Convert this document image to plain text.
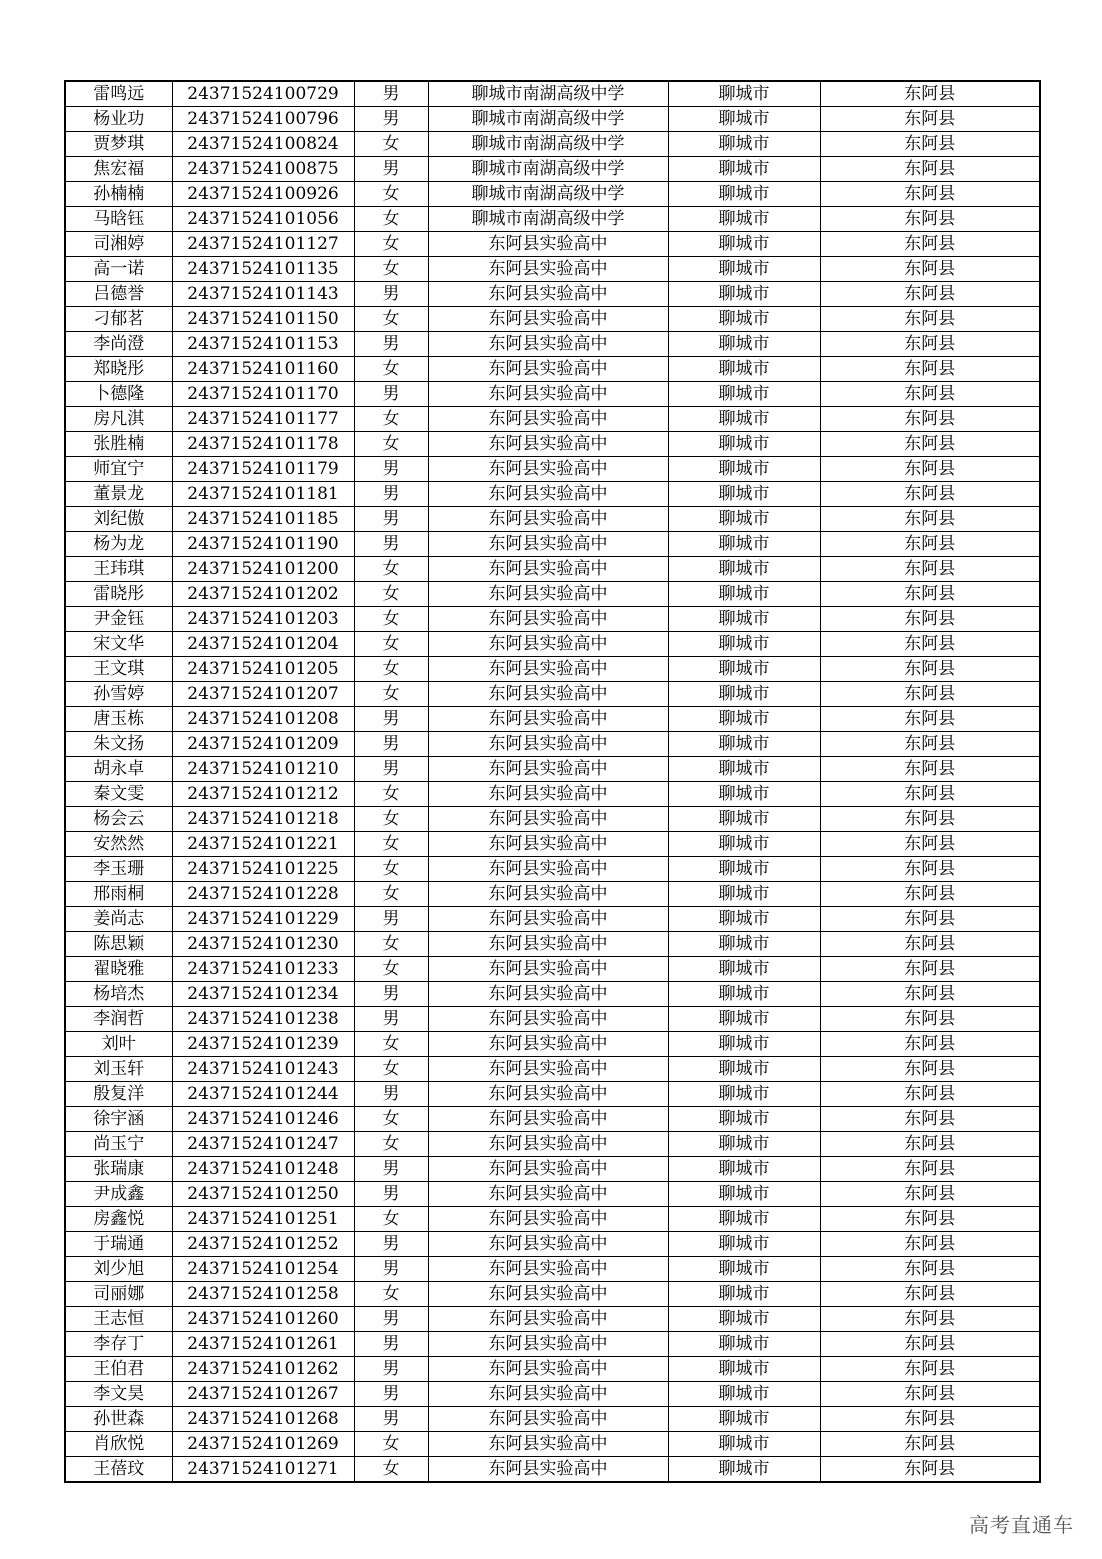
雷鸣远	24371524100729	男	聊城市南湖高级中学	聊城市	东阿县
杨业功	24371524100796	男	聊城市南湖高级中学	聊城市	东阿县
贾梦琪	24371524100824	女	聊城市南湖高级中学	聊城市	东阿县
焦宏福	24371524100875	男	聊城市南湖高级中学	聊城市	东阿县
孙楠楠	24371524100926	女	聊城市南湖高级中学	聊城市	东阿县
马晗钰	24371524101056	女	聊城市南湖高级中学	聊城市	东阿县
司湘婷	24371524101127	女	东阿县实验高中	聊城市	东阿县
高一诺	24371524101135	女	东阿县实验高中	聊城市	东阿县
吕德誉	24371524101143	男	东阿县实验高中	聊城市	东阿县
刁郁茗	24371524101150	女	东阿县实验高中	聊城市	东阿县
李尚澄	24371524101153	男	东阿县实验高中	聊城市	东阿县
郑晓彤	24371524101160	女	东阿县实验高中	聊城市	东阿县
卜德隆	24371524101170	男	东阿县实验高中	聊城市	东阿县
房凡淇	24371524101177	女	东阿县实验高中	聊城市	东阿县
张胜楠	24371524101178	女	东阿县实验高中	聊城市	东阿县
师宜宁	24371524101179	男	东阿县实验高中	聊城市	东阿县
董景龙	24371524101181	男	东阿县实验高中	聊城市	东阿县
刘纪傲	24371524101185	男	东阿县实验高中	聊城市	东阿县
杨为龙	24371524101190	男	东阿县实验高中	聊城市	东阿县
王玮琪	24371524101200	女	东阿县实验高中	聊城市	东阿县
雷晓彤	24371524101202	女	东阿县实验高中	聊城市	东阿县
尹金钰	24371524101203	女	东阿县实验高中	聊城市	东阿县
宋文华	24371524101204	女	东阿县实验高中	聊城市	东阿县
王文琪	24371524101205	女	东阿县实验高中	聊城市	东阿县
孙雪婷	24371524101207	女	东阿县实验高中	聊城市	东阿县
唐玉栋	24371524101208	男	东阿县实验高中	聊城市	东阿县
朱文扬	24371524101209	男	东阿县实验高中	聊城市	东阿县
胡永卓	24371524101210	男	东阿县实验高中	聊城市	东阿县
秦文雯	24371524101212	女	东阿县实验高中	聊城市	东阿县
杨会云	24371524101218	女	东阿县实验高中	聊城市	东阿县
安然然	24371524101221	女	东阿县实验高中	聊城市	东阿县
李玉珊	24371524101225	女	东阿县实验高中	聊城市	东阿县
邢雨桐	24371524101228	女	东阿县实验高中	聊城市	东阿县
姜尚志	24371524101229	男	东阿县实验高中	聊城市	东阿县
陈思颖	24371524101230	女	东阿县实验高中	聊城市	东阿县
翟晓雅	24371524101233	女	东阿县实验高中	聊城市	东阿县
杨培杰	24371524101234	男	东阿县实验高中	聊城市	东阿县
李润哲	24371524101238	男	东阿县实验高中	聊城市	东阿县
刘叶	24371524101239	女	东阿县实验高中	聊城市	东阿县
刘玉轩	24371524101243	女	东阿县实验高中	聊城市	东阿县
殷复洋	24371524101244	男	东阿县实验高中	聊城市	东阿县
徐宇涵	24371524101246	女	东阿县实验高中	聊城市	东阿县
尚玉宁	24371524101247	女	东阿县实验高中	聊城市	东阿县
张瑞康	24371524101248	男	东阿县实验高中	聊城市	东阿县
尹成鑫	24371524101250	男	东阿县实验高中	聊城市	东阿县
房鑫悦	24371524101251	女	东阿县实验高中	聊城市	东阿县
于瑞通	24371524101252	男	东阿县实验高中	聊城市	东阿县
刘少旭	24371524101254	男	东阿县实验高中	聊城市	东阿县
司丽娜	24371524101258	女	东阿县实验高中	聊城市	东阿县
王志恒	24371524101260	男	东阿县实验高中	聊城市	东阿县
李存丁	24371524101261	男	东阿县实验高中	聊城市	东阿县
王伯君	24371524101262	男	东阿县实验高中	聊城市	东阿县
李文昊	24371524101267	男	东阿县实验高中	聊城市	东阿县
孙世森	24371524101268	男	东阿县实验高中	聊城市	东阿县
肖欣悦	24371524101269	女	东阿县实验高中	聊城市	东阿县
王蓓玟	24371524101271	女	东阿县实验高中	聊城市	东阿县
高考直通车
